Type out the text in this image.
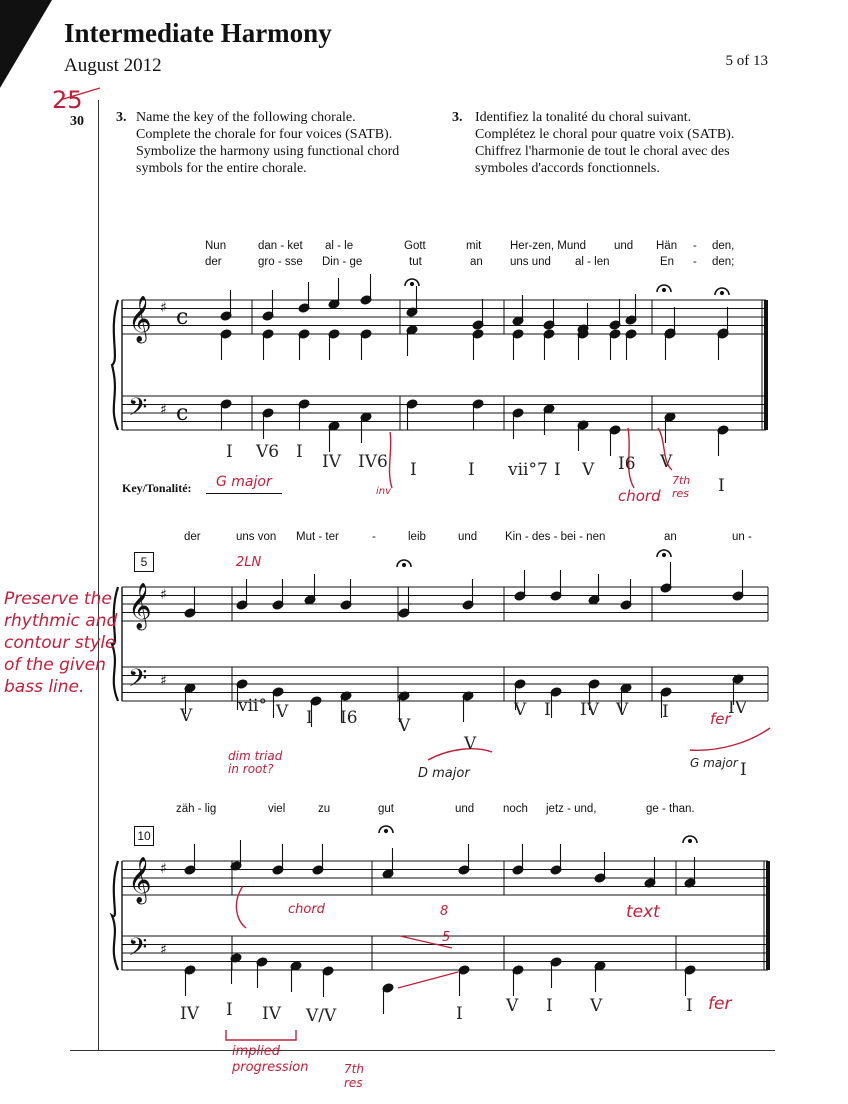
Intermediate Harmony
August 2012	5 of 13
25
30 3. Name the key of the following chorale. Complete the chorale for four voices (SATB). Symbolize the harmony using functional chord symbols for the entire chorale.
3. Identifiez la tonalité du choral suivant. Complétez le choral pour quatre voix (SATB). Chiffrez l'harmonie de tout le choral avec des symboles d'accords fonctionnels.
Nun	dan - ket al - le	Gott	mit Her-zen, Mund und Hän - den,
der	gro - sse Din - ge	tut	an uns und al - len	En - den;
der	uns von Mut - ter	-	leib	und Kin - des - bei - nen	an	un -
zäh - lig	viel	zu	gut	und	noch jetz - und,	ge - than.
5
10
Key/Tonalité: G major
𝄞
𝄢
♯
♯
c
c
𝄞
𝄢
♯
♯
𝄞
𝄢
♯
♯
I V6 I IV IV6 I	I vii°7 I V I6 V
I
V	vii° V I I6 V
V
V I IV V I	IV
I
IV I IV V/V	I	V I V	I
inv	chord
7th res
2LN
dim triad in root?	D major
G major
fer
chord	8
5
text
fer
implied progression	7th res
Preserve the rhythmic and contour style of the given bass line.
